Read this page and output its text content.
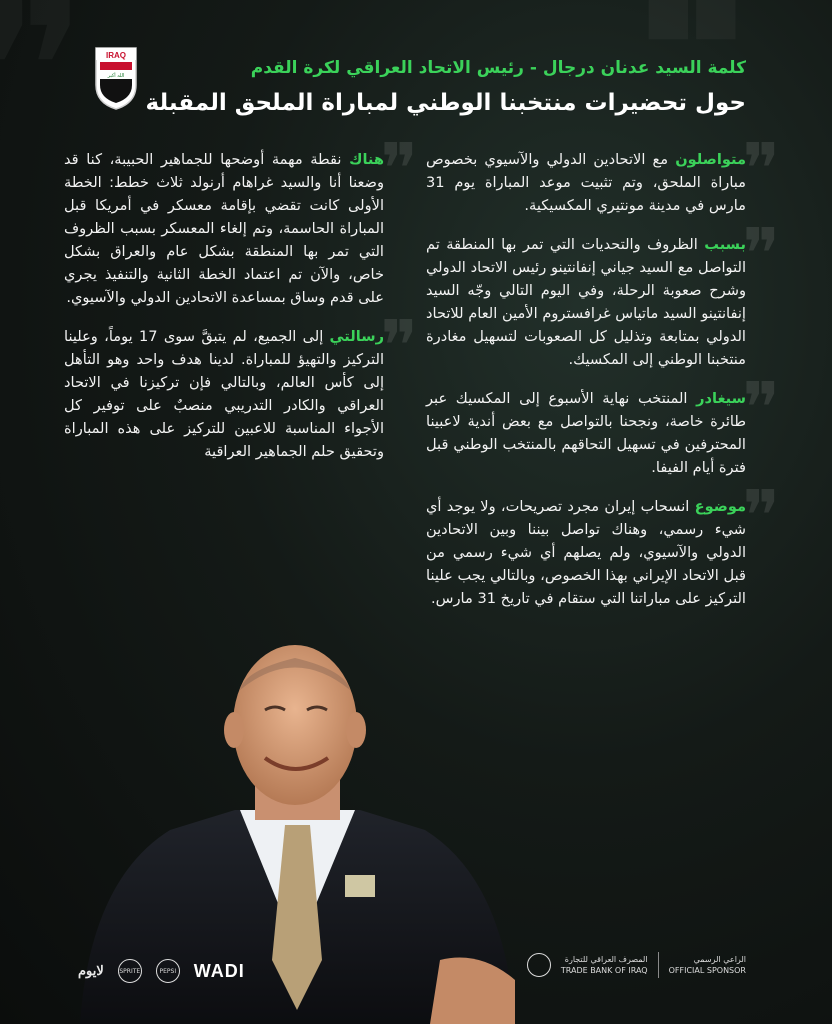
IRAQ
الله أكبر	كلمة السيد عدنان درجال - رئيس الاتحاد العراقي لكرة القدم
حول تحضيرات منتخبنا الوطني لمباراة الملحق المقبلة

❞
متواصلون مع الاتحادين الدولي والآسيوي بخصوص مباراة الملحق، وتم تثبيت موعد المباراة يوم 31 مارس في مدينة مونتيري المكسيكية.

❞
بسبب الظروف والتحديات التي تمر بها المنطقة تم التواصل مع السيد جياني إنفانتينو رئيس الاتحاد الدولي وشرح صعوبة الرحلة، وفي اليوم التالي وجّه السيد إنفانتينو السيد ماتياس غرافستروم الأمين العام للاتحاد الدولي بمتابعة وتذليل كل الصعوبات لتسهيل مغادرة منتخبنا الوطني إلى المكسيك.

❞
سيغادر المنتخب نهاية الأسبوع إلى المكسيك عبر طائرة خاصة، ونجحنا بالتواصل مع بعض أندية لاعبينا المحترفين في تسهيل التحاقهم بالمنتخب الوطني قبل فترة أيام الفيفا.

❞
موضوع انسحاب إيران مجرد تصريحات، ولا يوجد أي شيء رسمي، وهناك تواصل بيننا وبين الاتحادين الدولي والآسيوي، ولم يصلهم أي شيء رسمي من قبل الاتحاد الإيراني بهذا الخصوص، وبالتالي يجب علينا التركيز على مباراتنا التي ستقام في تاريخ 31 مارس.

❞
هناك نقطة مهمة أوضحها للجماهير الحبيبة، كنا قد وضعنا أنا والسيد غراهام أرنولد ثلاث خطط: الخطة الأولى كانت تقضي بإقامة معسكر في أمريكا قبل المباراة الحاسمة، وتم إلغاء المعسكر بسبب الظروف التي تمر بها المنطقة بشكل عام والعراق بشكل خاص، والآن تم اعتماد الخطة الثانية والتنفيذ يجري على قدم وساق بمساعدة الاتحادين الدولي والآسيوي.

❞
رسالتي إلى الجميع، لم يتبقَّ سوى 17 يوماً، وعلينا التركيز والتهيؤ للمباراة. لدينا هدف واحد وهو التأهل إلى كأس العالم، وبالتالي فإن تركيزنا في الاتحاد العراقي والكادر التدريبي منصبٌ على توفير كل الأجواء المناسبة للاعبين للتركيز على هذه المباراة وتحقيق حلم الجماهير العراقية

لايوم	SPRITE	PEPSI WADI
المصرف العراقي للتجارة
TRADE BANK OF IRAQ
الراعي الرسمي
OFFICIAL SPONSOR
